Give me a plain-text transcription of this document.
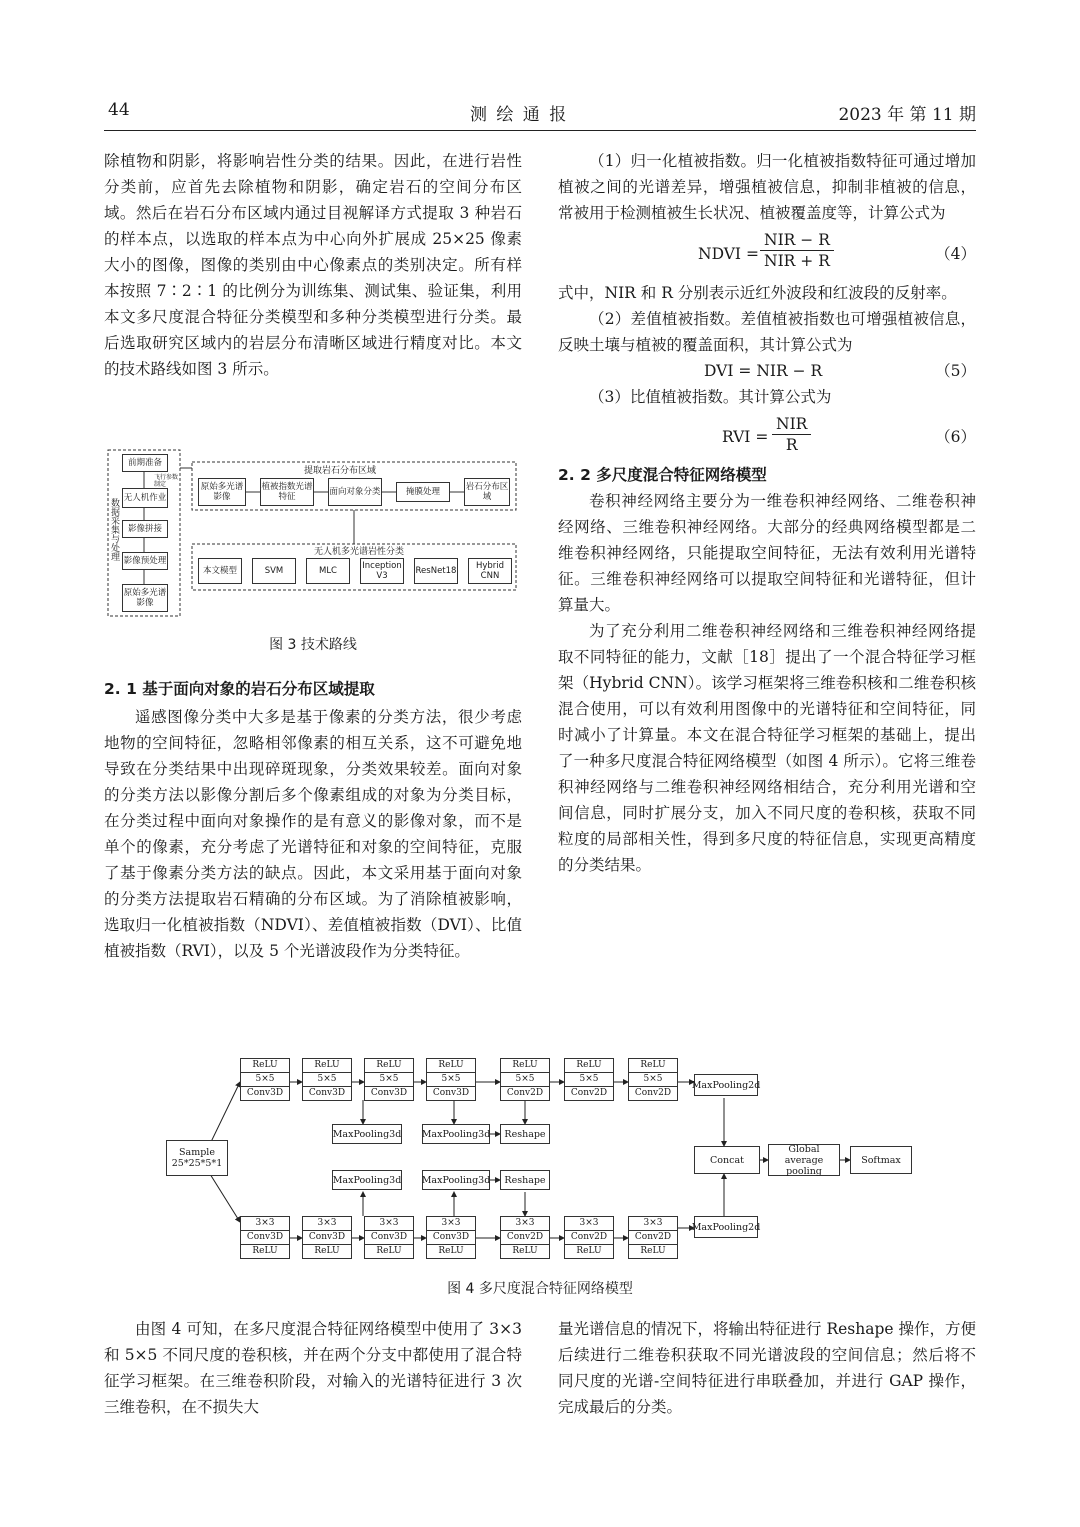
44	测 绘 通 报	2023 年 第 11 期

除植物和阴影，将影响岩性分类的结果。因此，在进行岩性分类前，应首先去除植物和阴影，确定岩石的空间分布区域。然后在岩石分布区域内通过目视解译方式提取 3 种岩石的样本点，以选取的样本点为中心向外扩展成 25×25 像素大小的图像，图像的类别由中心像素点的类别决定。所有样本按照 7∶2∶1 的比例分为训练集、测试集、验证集，利用本文多尺度混合特征分类模型和多种分类模型进行分类。最后选取研究区域内的岩层分布清晰区域进行精度对比。本文的技术路线如图 3 所示。

前期准备
无人机作业
影像拼接
影像预处理
原始多光谱影像
数据采集与处理
飞行参数制定
提取岩石分布区域
原始多光谱影像
植被指数光谱特征	面向对象分类	掩膜处理	岩石分布区域
无人机多光谱岩性分类
本文模型	SVM	MLC	Inception V3	ResNet18	Hybrid CNN
图 3 技术路线

2. 1 基于面向对象的岩石分布区域提取

遥感图像分类中大多是基于像素的分类方法，很少考虑地物的空间特征，忽略相邻像素的相互关系，这不可避免地导致在分类结果中出现碎斑现象，分类效果较差。面向对象的分类方法以影像分割后多个像素组成的对象为分类目标，在分类过程中面向对象操作的是有意义的影像对象，而不是单个的像素，充分考虑了光谱特征和对象的空间特征，克服了基于像素分类方法的缺点。因此，本文采用基于面向对象的分类方法提取岩石精确的分布区域。为了消除植被影响，选取归一化植被指数（NDVI）、差值植被指数（DVI）、比值植被指数（RVI），以及 5 个光谱波段作为分类特征。

（1）归一化植被指数。归一化植被指数特征可通过增加植被之间的光谱差异，增强植被信息，抑制非植被的信息，常被用于检测植被生长状况、植被覆盖度等，计算公式为

NDVI =
NIR − R
NIR + R	（4）

式中，NIR 和 R 分别表示近红外波段和红波段的反射率。

（2）差值植被指数。差值植被指数也可增强植被信息，反映土壤与植被的覆盖面积，其计算公式为

DVI = NIR − R	（5）

（3）比值植被指数。其计算公式为

RVI =
NIR
R	（6）

2. 2 多尺度混合特征网络模型

卷积神经网络主要分为一维卷积神经网络、二维卷积神经网络、三维卷积神经网络。大部分的经典网络模型都是二维卷积神经网络，只能提取空间特征，无法有效利用光谱特征。三维卷积神经网络可以提取空间特征和光谱特征，但计算量大。

为了充分利用二维卷积神经网络和三维卷积神经网络提取不同特征的能力，文献［18］提出了一个混合特征学习框架（Hybrid CNN）。该学习框架将三维卷积核和二维卷积核混合使用，可以有效利用图像中的光谱特征和空间特征，同时减小了计算量。本文在混合特征学习框架的基础上，提出了一种多尺度混合特征网络模型（如图 4 所示）。它将三维卷积神经网络与二维卷积神经网络相结合，充分利用光谱和空间信息，同时扩展分支，加入不同尺度的卷积核，获取不同粒度的局部相关性，得到多尺度的特征信息，实现更高精度的分类结果。

Sample 25*25*5*1
ReLU
5×5
Conv3D
ReLU
5×5
Conv3D
ReLU
5×5
Conv3D
ReLU
5×5
Conv3D
ReLU
5×5
Conv2D
ReLU
5×5
Conv2D
ReLU
5×5
Conv2D
MaxPooling3d MaxPooling3d	Reshape
MaxPooling2d
Concat
Global average pooling
Softmax
MaxPooling3d MaxPooling3d	Reshape
MaxPooling2d
3×3
Conv3D
ReLU
3×3
Conv3D
ReLU
3×3
Conv3D
ReLU
3×3
Conv3D
ReLU
3×3
Conv2D
ReLU
3×3
Conv2D
ReLU
3×3
Conv2D
ReLU
图 4 多尺度混合特征网络模型

由图 4 可知，在多尺度混合特征网络模型中使用了 3×3 和 5×5 不同尺度的卷积核，并在两个分支中都使用了混合特征学习框架。在三维卷积阶段，对输入的光谱特征进行 3 次三维卷积，在不损失大

量光谱信息的情况下，将输出特征进行 Reshape 操作，方便后续进行二维卷积获取不同光谱波段的空间信息；然后将不同尺度的光谱-空间特征进行串联叠加，并进行 GAP 操作，完成最后的分类。
